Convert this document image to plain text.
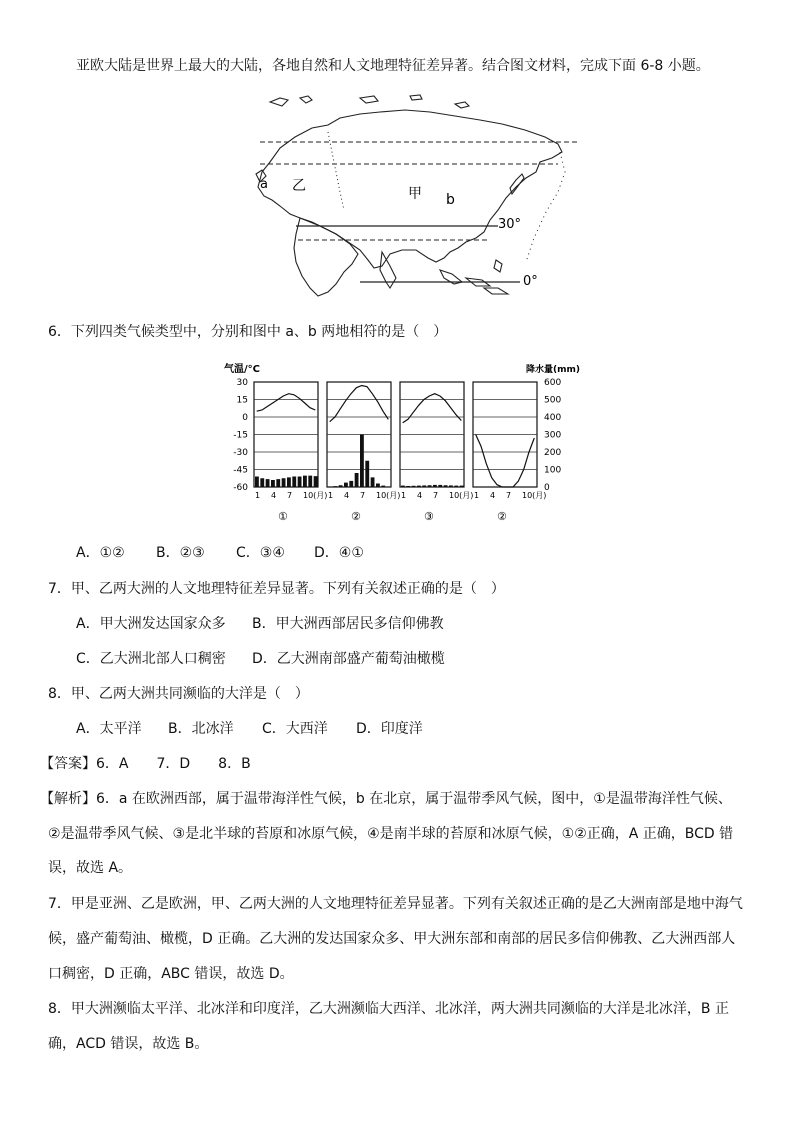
亚欧大陆是世界上最大的大陆，各地自然和人文地理特征差异著。结合图文材料，完成下面 6-8 小题。
甲
乙
a
b
30°
0°
6．下列四类气候类型中，分别和图中 a、b 两地相符的是（　）
气温/°C	降水量(mm)
30
15
0
-15
-30
-45
-60
600
500
400
300
200
100
0
1 4 7 10(月)
①
1 4 7 10(月)
②
1 4 7 10(月)
③
1 4 7 10(月)
②
A．①② B．②③ C．③④ D．④①
7．甲、乙两大洲的人文地理特征差异显著。下列有关叙述正确的是（　）
A．甲大洲发达国家众多 B．甲大洲西部居民多信仰佛教
C．乙大洲北部人口稠密 D．乙大洲南部盛产葡萄油橄榄
8．甲、乙两大洲共同濒临的大洋是（　）
A．太平洋 B．北冰洋 C．大西洋 D．印度洋
【答案】6．A　　7．D　　8．B
【解析】6．a 在欧洲西部，属于温带海洋性气候，b 在北京，属于温带季风气候，图中，①是温带海洋性气候、
②是温带季风气候、③是北半球的苔原和冰原气候，④是南半球的苔原和冰原气候，①②正确，A 正确，BCD 错
误，故选 A。
7．甲是亚洲、乙是欧洲，甲、乙两大洲的人文地理特征差异显著。下列有关叙述正确的是乙大洲南部是地中海气
候，盛产葡萄油、橄榄，D 正确。乙大洲的发达国家众多、甲大洲东部和南部的居民多信仰佛教、乙大洲西部人
口稠密，D 正确，ABC 错误，故选 D。
8．甲大洲濒临太平洋、北冰洋和印度洋，乙大洲濒临大西洋、北冰洋，两大洲共同濒临的大洋是北冰洋，B 正
确，ACD 错误，故选 B。
